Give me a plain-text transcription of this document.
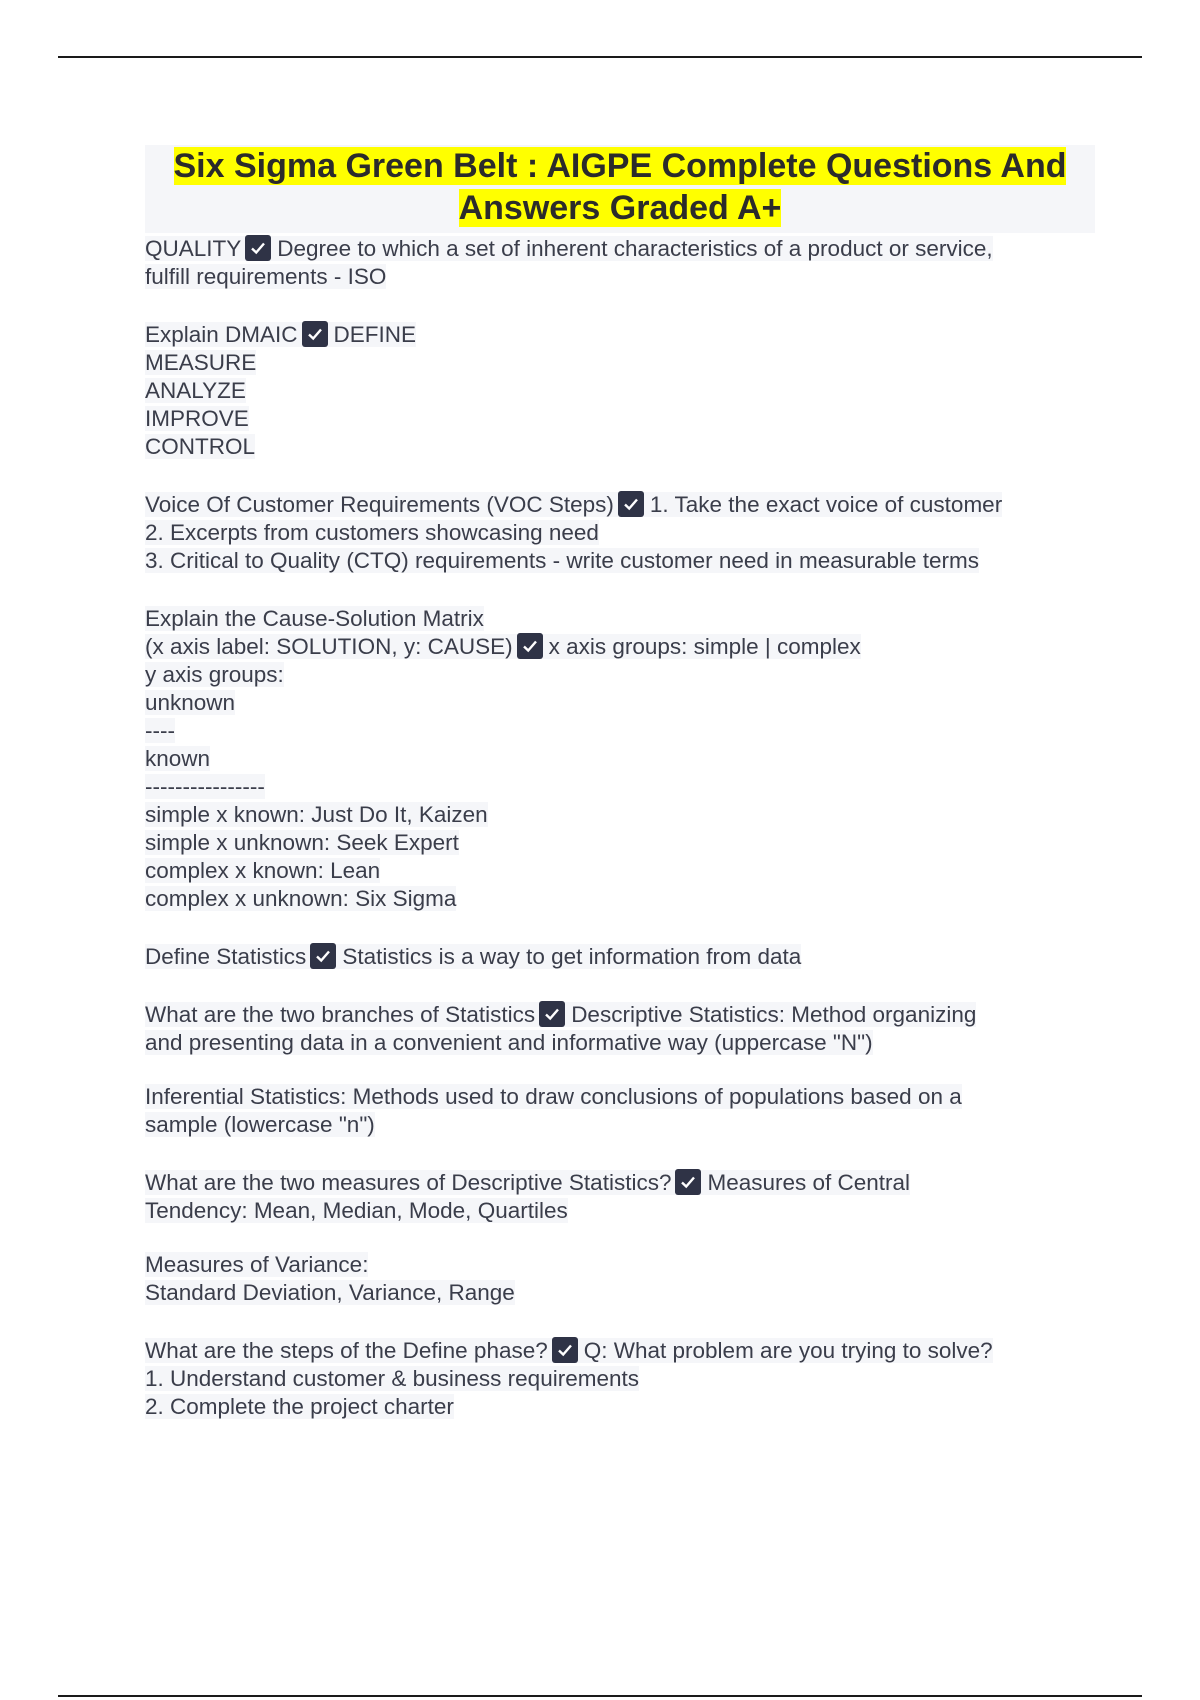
Six Sigma Green Belt : AIGPE Complete Questions And Answers Graded A+
QUALITY Degree to which a set of inherent characteristics of a product or service,
fulfill requirements - ISO
Explain DMAIC DEFINE
MEASURE
ANALYZE
IMPROVE
CONTROL
Voice Of Customer Requirements (VOC Steps) 1. Take the exact voice of customer
2. Excerpts from customers showcasing need
3. Critical to Quality (CTQ) requirements - write customer need in measurable terms
Explain the Cause-Solution Matrix
(x axis label: SOLUTION, y: CAUSE) x axis groups: simple | complex
y axis groups:
unknown
----
known
----------------
simple x known: Just Do It, Kaizen
simple x unknown: Seek Expert
complex x known: Lean
complex x unknown: Six Sigma
Define Statistics Statistics is a way to get information from data
What are the two branches of Statistics Descriptive Statistics: Method organizing
and presenting data in a convenient and informative way (uppercase "N")
Inferential Statistics: Methods used to draw conclusions of populations based on a
sample (lowercase "n")
What are the two measures of Descriptive Statistics? Measures of Central
Tendency: Mean, Median, Mode, Quartiles
Measures of Variance:
Standard Deviation, Variance, Range
What are the steps of the Define phase? Q: What problem are you trying to solve?
1. Understand customer & business requirements
2. Complete the project charter
